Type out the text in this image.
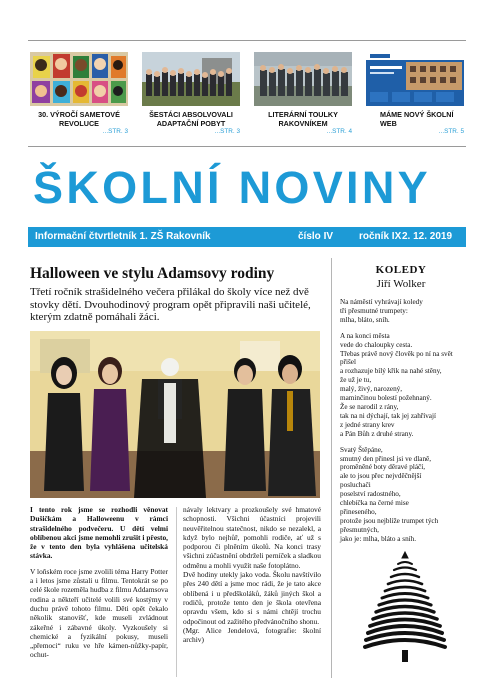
30. VÝROČÍ SAMETOVÉ REVOLUCE
...STR. 3
ŠESTÁCI ABSOLVOVALI ADAPTAČNÍ POBYT
...STR. 3
LITERÁRNÍ TOULKY RAKOVNÍKEM
...STR. 4
MÁME NOVÝ ŠKOLNÍ WEB
...STR. 5
ŠKOLNÍ NOVINY
Informační čtvrtletník 1. ZŠ Rakovník	číslo IV	ročník IX 2. 12. 2019
Halloween ve stylu Adamsovy rodiny
Třetí ročník strašidelného večera přilákal do školy více než dvě stovky dětí. Dvouhodinový program opět připravili naši učitelé, kterým zdatně pomáhali žáci.

I tento rok jsme se rozhodli věnovat Dušičkám a Halloweenu v rámci strašidelného podvečeru. U dětí velmi oblíbenou akci jsme nemohli zrušit i přesto, že v tento den byla vyhlášena učitelská stávka.

V loňském roce jsme zvolili téma Harry Potter a i letos jsme zůstali u filmu. Tentokrát se po celé škole rozeměla hudba z filmu Addamsova rodina a někteří učitelé volili své kostýmy v duchu právě tohoto filmu. Děti opět čekalo několik stanovišť, kde museli zvládnout zákeřné i zábavné úkoly. Vyzkoušely si chemické a fyzikální pokusy, museli „přemoci“ ruku ve hře kámen-nůžky-papír, ochut-

návaly lektvary a prozkoušely své hmatové schopnosti. Všichni účastníci projevili neuvěřitelnou statečnost, nikdo se nezalekl, a když bylo nejhůř, pomohli rodiče, ať už s podporou či plněním úkolů. Na konci trasy všichni zúčastnění obdrželi perníček a sladkou odměnu a mohli využít naše fotoplátno.

Dvě hodiny utekly jako voda. Školu navštívilo přes 240 dětí a jsme moc rádi, že je tato akce oblíbená i u předškoláků, žáků jiných škol a rodičů, protože tento den je škola otevřena opravdu všem, kdo si s námi chtějí trochu odpočinout od zažitého předvánočního shonu.

(Mgr. Alice Jendelová, fotografie: školní archiv)

KOLEDY
Jiří Wolker
Na náměstí vyhrávají koledy
tři přesmutné trumpety:
mlha, bláto, sníh.
A na konci města
vede do chaloupky cesta.
Třebas právě nový člověk po ní na svět přišel
a rozhazuje bílý křik na nahé stěny,
že už je tu,
malý, živý, narozený,
maminčinou bolestí požehnaný.
Že se narodil z rány,
tak na ni dýchají, tak jej zahřívají
z jedné strany krev
a Pán Bůh z druhé strany.
Svatý Štěpáne,
smutný den přinesl jsi ve dlaně,
proměněné boty děravé pláčí,
ale to jsou přec nejvděčnější
posluchači
poselství radostného,
chlebíčka na černé mise
přineseného,
protože jsou nejblíže trumpet tých
přesmutných,
jako je: mlha, bláto a sníh.
